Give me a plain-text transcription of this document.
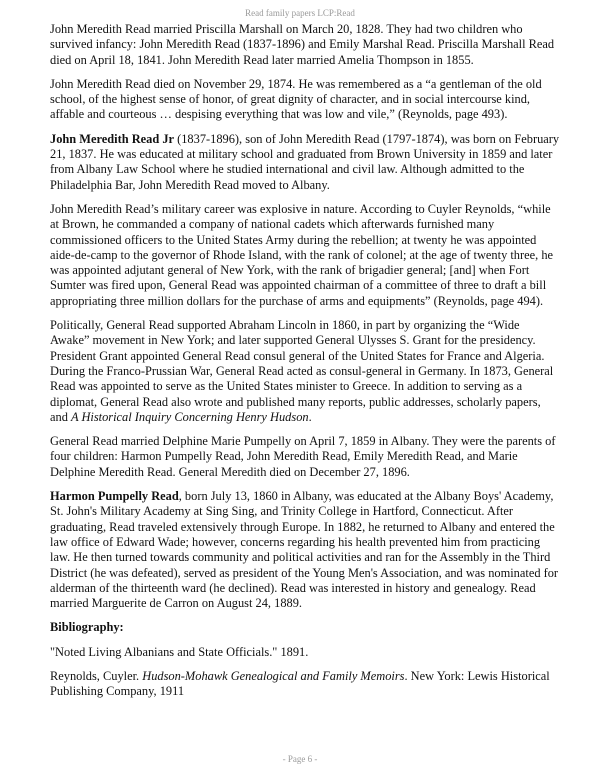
Read family papers LCP:Read

John Meredith Read married Priscilla Marshall on March 20, 1828. They had two children who survived infancy: John Meredith Read (1837-1896) and Emily Marshal Read. Priscilla Marshall Read died on April 18, 1841. John Meredith Read later married Amelia Thompson in 1855.

John Meredith Read died on November 29, 1874. He was remembered as a “a gentleman of the old school, of the highest sense of honor, of great dignity of character, and in social intercourse kind, affable and courteous … despising everything that was low and vile,” (Reynolds, page 493).

John Meredith Read Jr (1837-1896), son of John Meredith Read (1797-1874), was born on February 21, 1837. He was educated at military school and graduated from Brown University in 1859 and later from Albany Law School where he studied international and civil law. Although admitted to the Philadelphia Bar, John Meredith Read moved to Albany.

John Meredith Read’s military career was explosive in nature. According to Cuyler Reynolds, “while at Brown, he commanded a company of national cadets which afterwards furnished many commissioned officers to the United States Army during the rebellion; at twenty he was appointed aide-de-camp to the governor of Rhode Island, with the rank of colonel; at the age of twenty three, he was appointed adjutant general of New York, with the rank of brigadier general; [and] when Fort Sumter was fired upon, General Read was appointed chairman of a committee of three to draft a bill appropriating three million dollars for the purchase of arms and equipments” (Reynolds, page 494).

Politically, General Read supported Abraham Lincoln in 1860, in part by organizing the “Wide Awake” movement in New York; and later supported General Ulysses S. Grant for the presidency. President Grant appointed General Read consul general of the United States for France and Algeria. During the Franco-Prussian War, General Read acted as consul-general in Germany. In 1873, General Read was appointed to serve as the United States minister to Greece. In addition to serving as a diplomat, General Read also wrote and published many reports, public addresses, scholarly papers, and A Historical Inquiry Concerning Henry Hudson.

General Read married Delphine Marie Pumpelly on April 7, 1859 in Albany. They were the parents of four children: Harmon Pumpelly Read, John Meredith Read, Emily Meredith Read, and Marie Delphine Meredith Read. General Meredith died on December 27, 1896.

Harmon Pumpelly Read, born July 13, 1860 in Albany, was educated at the Albany Boys' Academy, St. John's Military Academy at Sing Sing, and Trinity College in Hartford, Connecticut. After graduating, Read traveled extensively through Europe. In 1882, he returned to Albany and entered the law office of Edward Wade; however, concerns regarding his health prevented him from practicing law. He then turned towards community and political activities and ran for the Assembly in the Third District (he was defeated), served as president of the Young Men's Association, and was nominated for alderman of the thirteenth ward (he declined). Read was interested in history and genealogy. Read married Marguerite de Carron on August 24, 1889.

Bibliography:

"Noted Living Albanians and State Officials." 1891.

Reynolds, Cuyler. Hudson-Mohawk Genealogical and Family Memoirs. New York: Lewis Historical Publishing Company, 1911

- Page 6 -
